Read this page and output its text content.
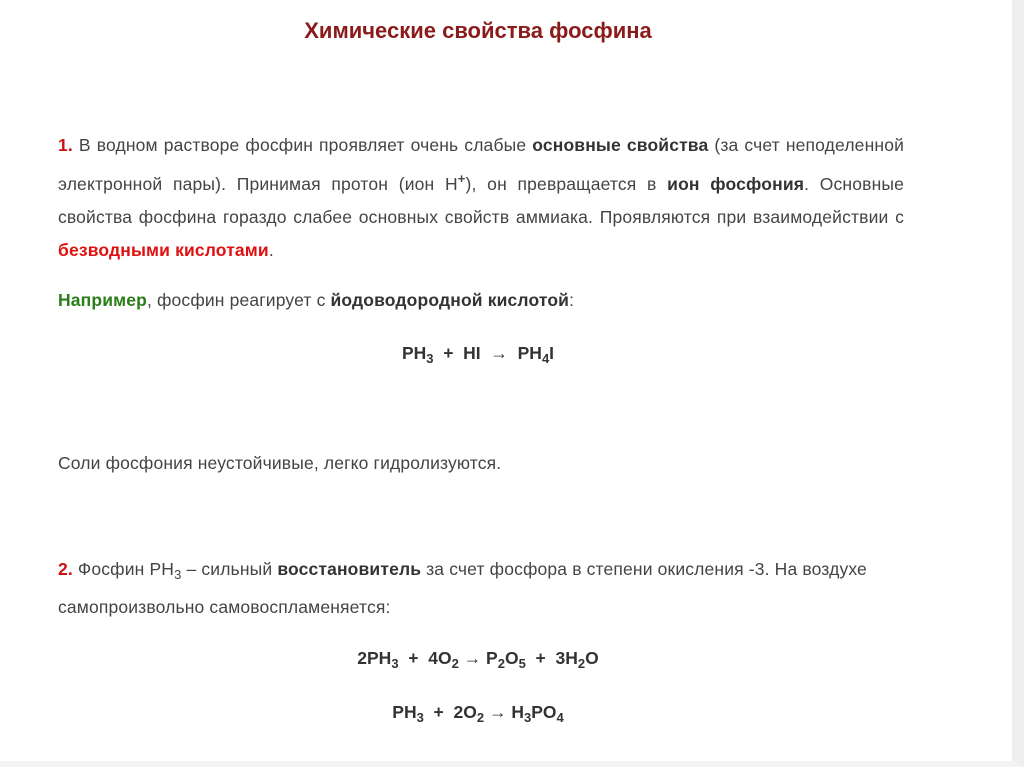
Химические свойства фосфина
1. В водном растворе фосфин проявляет очень слабые основные свойства (за счет неподеленной электронной пары). Принимая протон (ион Н+), он превращается в ион фосфония. Основные свойства фосфина гораздо слабее основных свойств аммиака. Проявляются при взаимодействии с безводными кислотами.
Например, фосфин реагирует с йодоводородной кислотой:
$PH_3$  +  HI  →  $PH_4I$
Соли фосфония неустойчивые, легко гидролизуются.
2. Фосфин $PH_3$ – сильный восстановитель за счет фосфора в степени окисления -3. На воздухе самопроизвольно самовоспламеняется:
$2PH_3 + 4O_2 \to P_2O_5 + 3H_2O$
$PH_3 + 2O_2 \to H_3PO_4$
